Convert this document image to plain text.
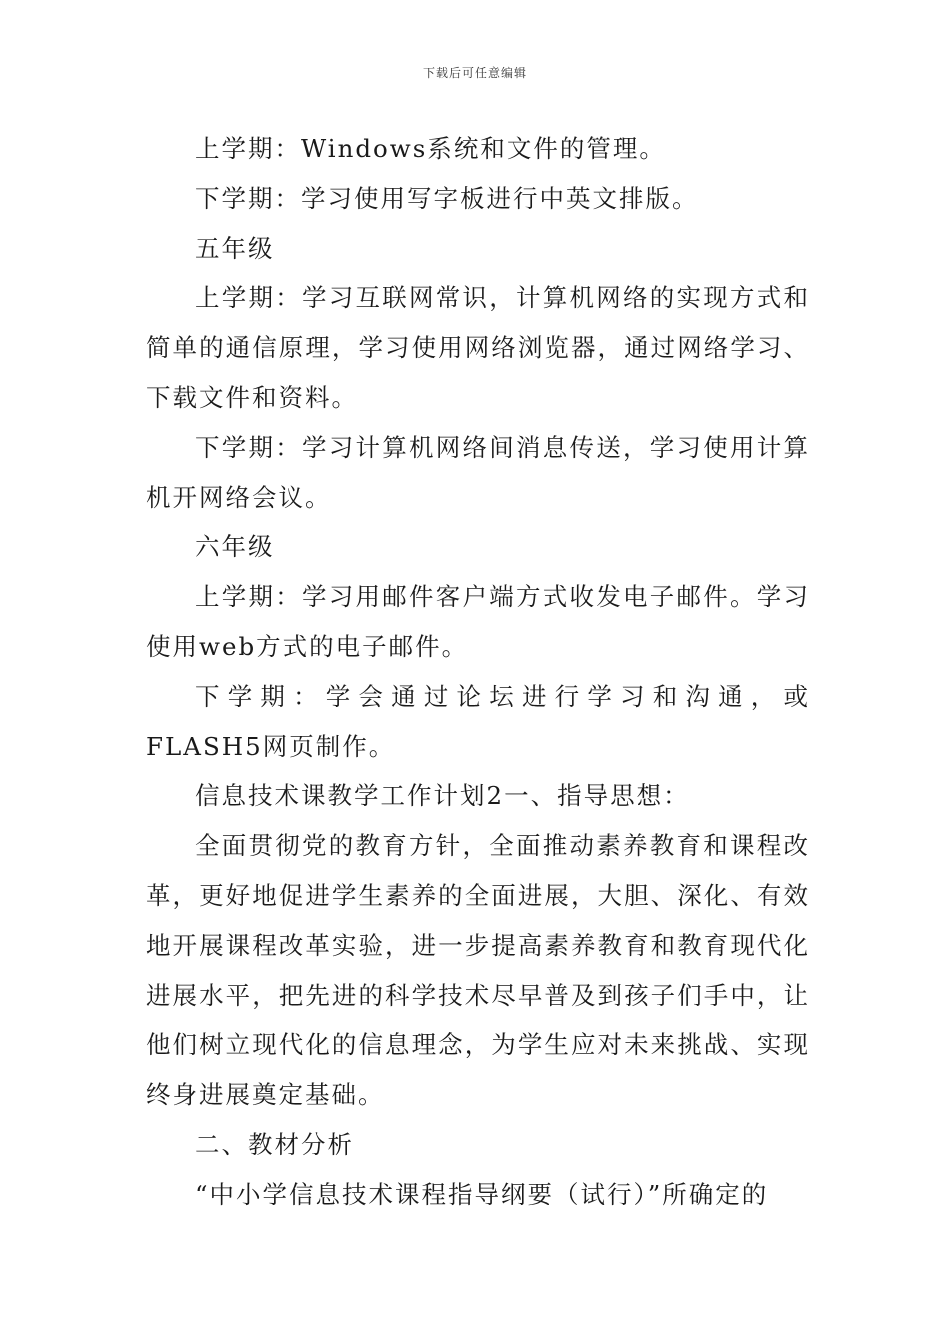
下载后可任意编辑

上学期：Windows系统和文件的管理。

下学期：学习使用写字板进行中英文排版。

五年级

上学期：学习互联网常识，计算机网络的实现方式和简单的通信原理，学习使用网络浏览器，通过网络学习、下载文件和资料。

下学期：学习计算机网络间消息传送，学习使用计算机开网络会议。

六年级

上学期：学习用邮件客户端方式收发电子邮件。学习使用web方式的电子邮件。

下学期：学会通过论坛进行学习和沟通，或FLASH5网页制作。

信息技术课教学工作计划2一、指导思想：

全面贯彻党的教育方针，全面推动素养教育和课程改革，更好地促进学生素养的全面进展，大胆、深化、有效地开展课程改革实验，进一步提高素养教育和教育现代化进展水平，把先进的科学技术尽早普及到孩子们手中，让他们树立现代化的信息理念，为学生应对未来挑战、实现终身进展奠定基础。

二、教材分析

“中小学信息技术课程指导纲要（试行）”所确定的
